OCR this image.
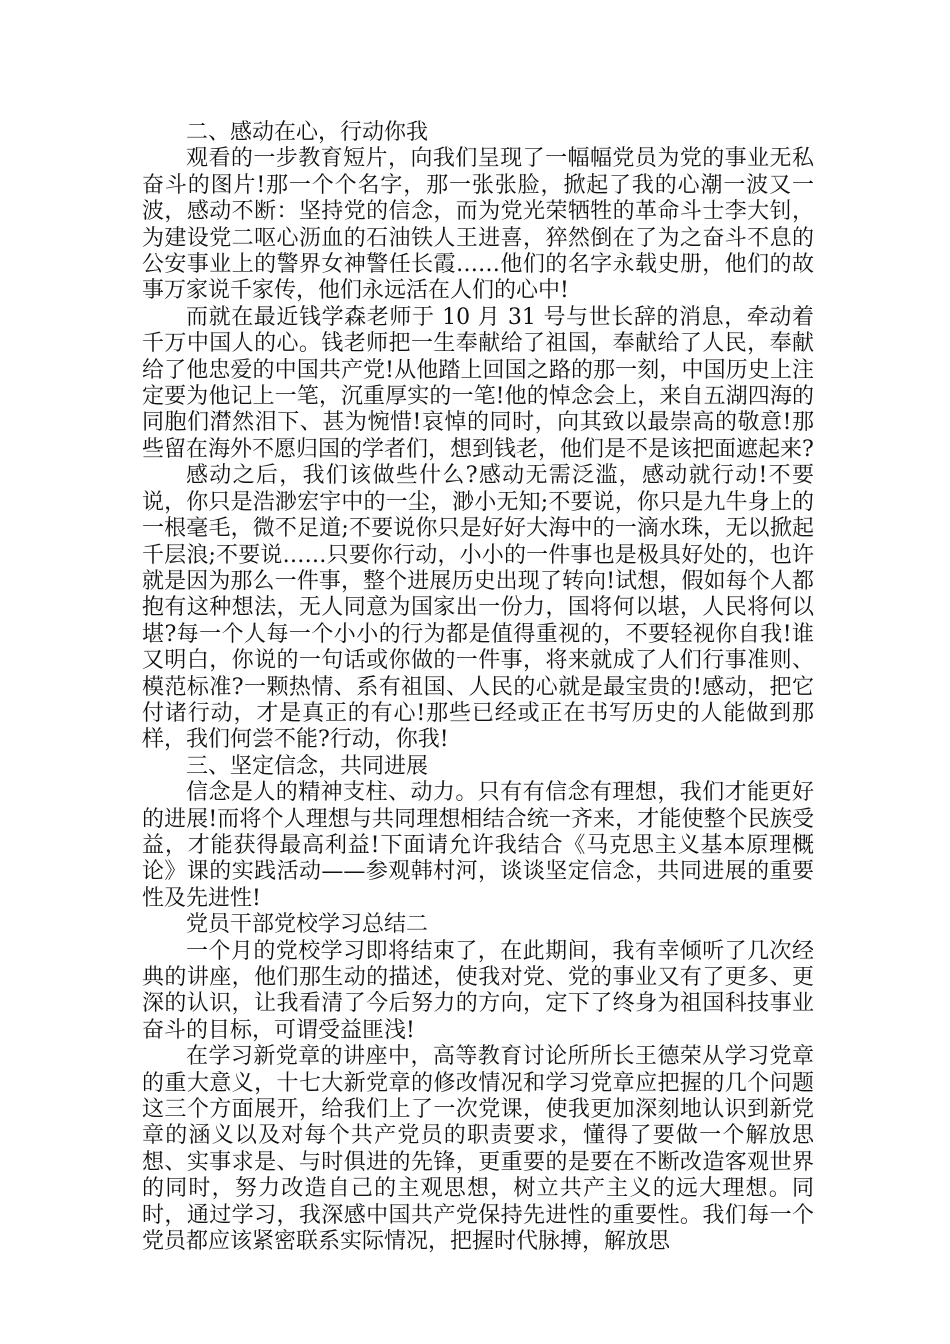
二、感动在心，行动你我

观看的一步教育短片，向我们呈现了一幅幅党员为党的事业无私奋斗的图片!那一个个名字，那一张张脸，掀起了我的心潮一波又一波，感动不断：坚持党的信念，而为党光荣牺牲的革命斗士李大钊，为建设党二呕心沥血的石油铁人王进喜，猝然倒在了为之奋斗不息的公安事业上的警界女神警任长霞……他们的名字永载史册，他们的故事万家说千家传，他们永远活在人们的心中!

而就在最近钱学森老师于 10 月 31 号与世长辞的消息，牵动着千万中国人的心。钱老师把一生奉献给了祖国，奉献给了人民，奉献给了他忠爱的中国共产党!从他踏上回国之路的那一刻，中国历史上注定要为他记上一笔，沉重厚实的一笔!他的悼念会上，来自五湖四海的同胞们潸然泪下、甚为惋惜!哀悼的同时，向其致以最崇高的敬意!那些留在海外不愿归国的学者们，想到钱老，他们是不是该把面遮起来?

感动之后，我们该做些什么?感动无需泛滥，感动就行动!不要说，你只是浩渺宏宇中的一尘，渺小无知;不要说，你只是九牛身上的一根毫毛，微不足道;不要说你只是好好大海中的一滴水珠，无以掀起千层浪;不要说……只要你行动，小小的一件事也是极具好处的，也许就是因为那么一件事，整个进展历史出现了转向!试想，假如每个人都抱有这种想法，无人同意为国家出一份力，国将何以堪，人民将何以堪?每一个人每一个小小的行为都是值得重视的，不要轻视你自我!谁又明白，你说的一句话或你做的一件事，将来就成了人们行事准则、模范标准?一颗热情、系有祖国、人民的心就是最宝贵的!感动，把它付诸行动，才是真正的有心!那些已经或正在书写历史的人能做到那样，我们何尝不能?行动，你我!

三、坚定信念，共同进展

信念是人的精神支柱、动力。只有有信念有理想，我们才能更好的进展!而将个人理想与共同理想相结合统一齐来，才能使整个民族受益，才能获得最高利益!下面请允许我结合《马克思主义基本原理概论》课的实践活动——参观韩村河，谈谈坚定信念，共同进展的重要性及先进性!

党员干部党校学习总结二

一个月的党校学习即将结束了，在此期间，我有幸倾听了几次经典的讲座，他们那生动的描述，使我对党、党的事业又有了更多、更深的认识，让我看清了今后努力的方向，定下了终身为祖国科技事业奋斗的目标，可谓受益匪浅!

在学习新党章的讲座中，高等教育讨论所所长王德荣从学习党章的重大意义，十七大新党章的修改情况和学习党章应把握的几个问题这三个方面展开，给我们上了一次党课，使我更加深刻地认识到新党章的涵义以及对每个共产党员的职责要求，懂得了要做一个解放思想、实事求是、与时俱进的先锋，更重要的是要在不断改造客观世界的同时，努力改造自己的主观思想，树立共产主义的远大理想。同时，通过学习，我深感中国共产党保持先进性的重要性。我们每一个党员都应该紧密联系实际情况，把握时代脉搏，解放思
